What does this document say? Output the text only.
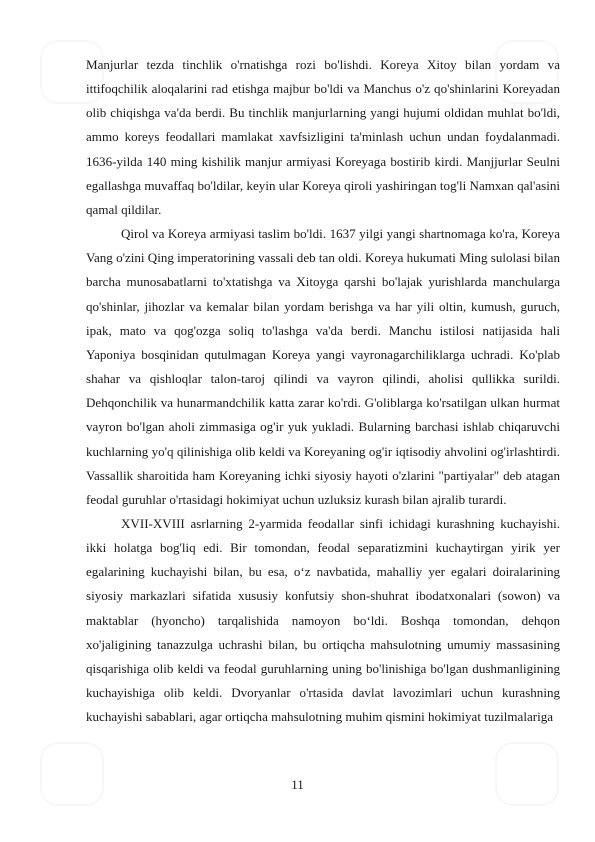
Manjurlar tezda tinchlik o'rnatishga rozi bo'lishdi. Koreya Xitoy bilan yordam va ittifoqchilik aloqalarini rad etishga majbur bo'ldi va Manchus o'z qo'shinlarini Koreyadan olib chiqishga va'da berdi. Bu tinchlik manjurlarning yangi hujumi oldidan muhlat bo'ldi, ammo koreys feodallari mamlakat xavfsizligini ta'minlash uchun undan foydalanmadi. 1636-yilda 140 ming kishilik manjur armiyasi Koreyaga bostirib kirdi. Manjjurlar Seulni egallashga muvaffaq bo'ldilar, keyin ular Koreya qiroli yashiringan tog'li Namxan qal'asini qamal qildilar.

Qirol va Koreya armiyasi taslim bo'ldi. 1637 yilgi yangi shartnomaga ko'ra, Koreya Vang o'zini Qing imperatorining vassali deb tan oldi. Koreya hukumati Ming sulolasi bilan barcha munosabatlarni to'xtatishga va Xitoyga qarshi bo'lajak yurishlarda manchularga qo'shinlar, jihozlar va kemalar bilan yordam berishga va har yili oltin, kumush, guruch, ipak, mato va qog'ozga soliq to'lashga va'da berdi. Manchu istilosi natijasida hali Yaponiya bosqinidan qutulmagan Koreya yangi vayronagarchiliklarga uchradi. Ko'plab shahar va qishloqlar talon-taroj qilindi va vayron qilindi, aholisi qullikka surildi. Dehqonchilik va hunarmandchilik katta zarar ko'rdi. G'oliblarga ko'rsatilgan ulkan hurmat vayron bo'lgan aholi zimmasiga og'ir yuk yukladi. Bularning barchasi ishlab chiqaruvchi kuchlarning yo'q qilinishiga olib keldi va Koreyaning og'ir iqtisodiy ahvolini og'irlashtirdi. Vassallik sharoitida ham Koreyaning ichki siyosiy hayoti o'zlarini "partiyalar" deb atagan feodal guruhlar o'rtasidagi hokimiyat uchun uzluksiz kurash bilan ajralib turardi.

XVII-XVIII asrlarning 2-yarmida feodallar sinfi ichidagi kurashning kuchayishi. ikki holatga bog'liq edi. Bir tomondan, feodal separatizmini kuchaytirgan yirik yer egalarining kuchayishi bilan, bu esa, o‘z navbatida, mahalliy yer egalari doiralarining siyosiy markazlari sifatida xususiy konfutsiy shon-shuhrat ibodatxonalari (sowon) va maktablar (hyoncho) tarqalishida namoyon bo‘ldi. Boshqa tomondan, dehqon xo'jaligining tanazzulga uchrashi bilan, bu ortiqcha mahsulotning umumiy massasining qisqarishiga olib keldi va feodal guruhlarning uning bo'linishiga bo'lgan dushmanligining kuchayishiga olib keldi. Dvoryanlar o'rtasida davlat lavozimlari uchun kurashning kuchayishi sabablari, agar ortiqcha mahsulotning muhim qismini hokimiyat tuzilmalariga

11
